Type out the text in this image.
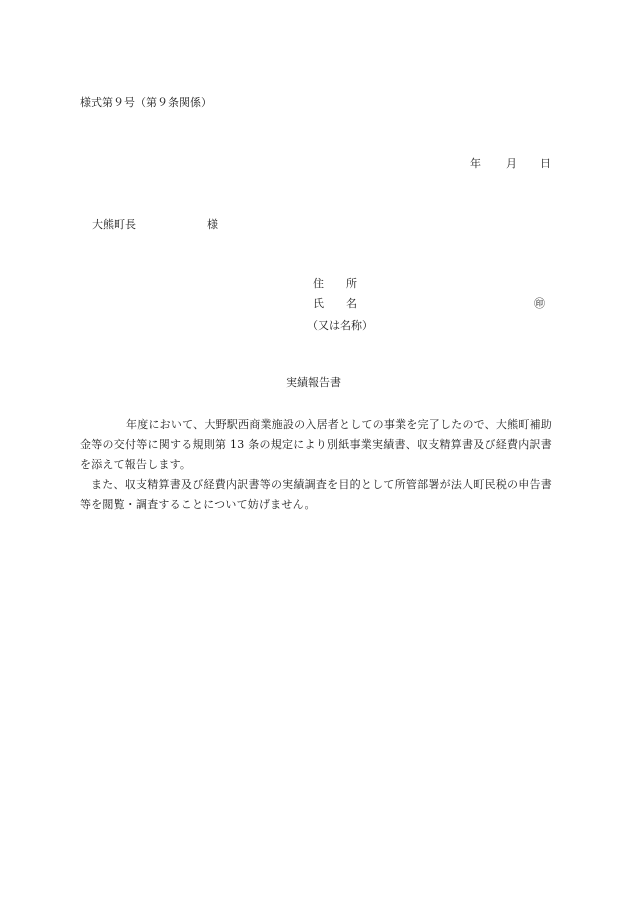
様式第９号（第９条関係）
年 月 日
大熊町長	様
住　　所
氏　　名	㊞
（又は名称）
実績報告書
年度において、大野駅西商業施設の入居者としての事業を完了したので、大熊町補助金等の交付等に関する規則第 13 条の規定により別紙事業実績書、収支精算書及び経費内訳書を添えて報告します。
また、収支精算書及び経費内訳書等の実績調査を目的として所管部署が法人町民税の申告書等を閲覧・調査することについて妨げません。
